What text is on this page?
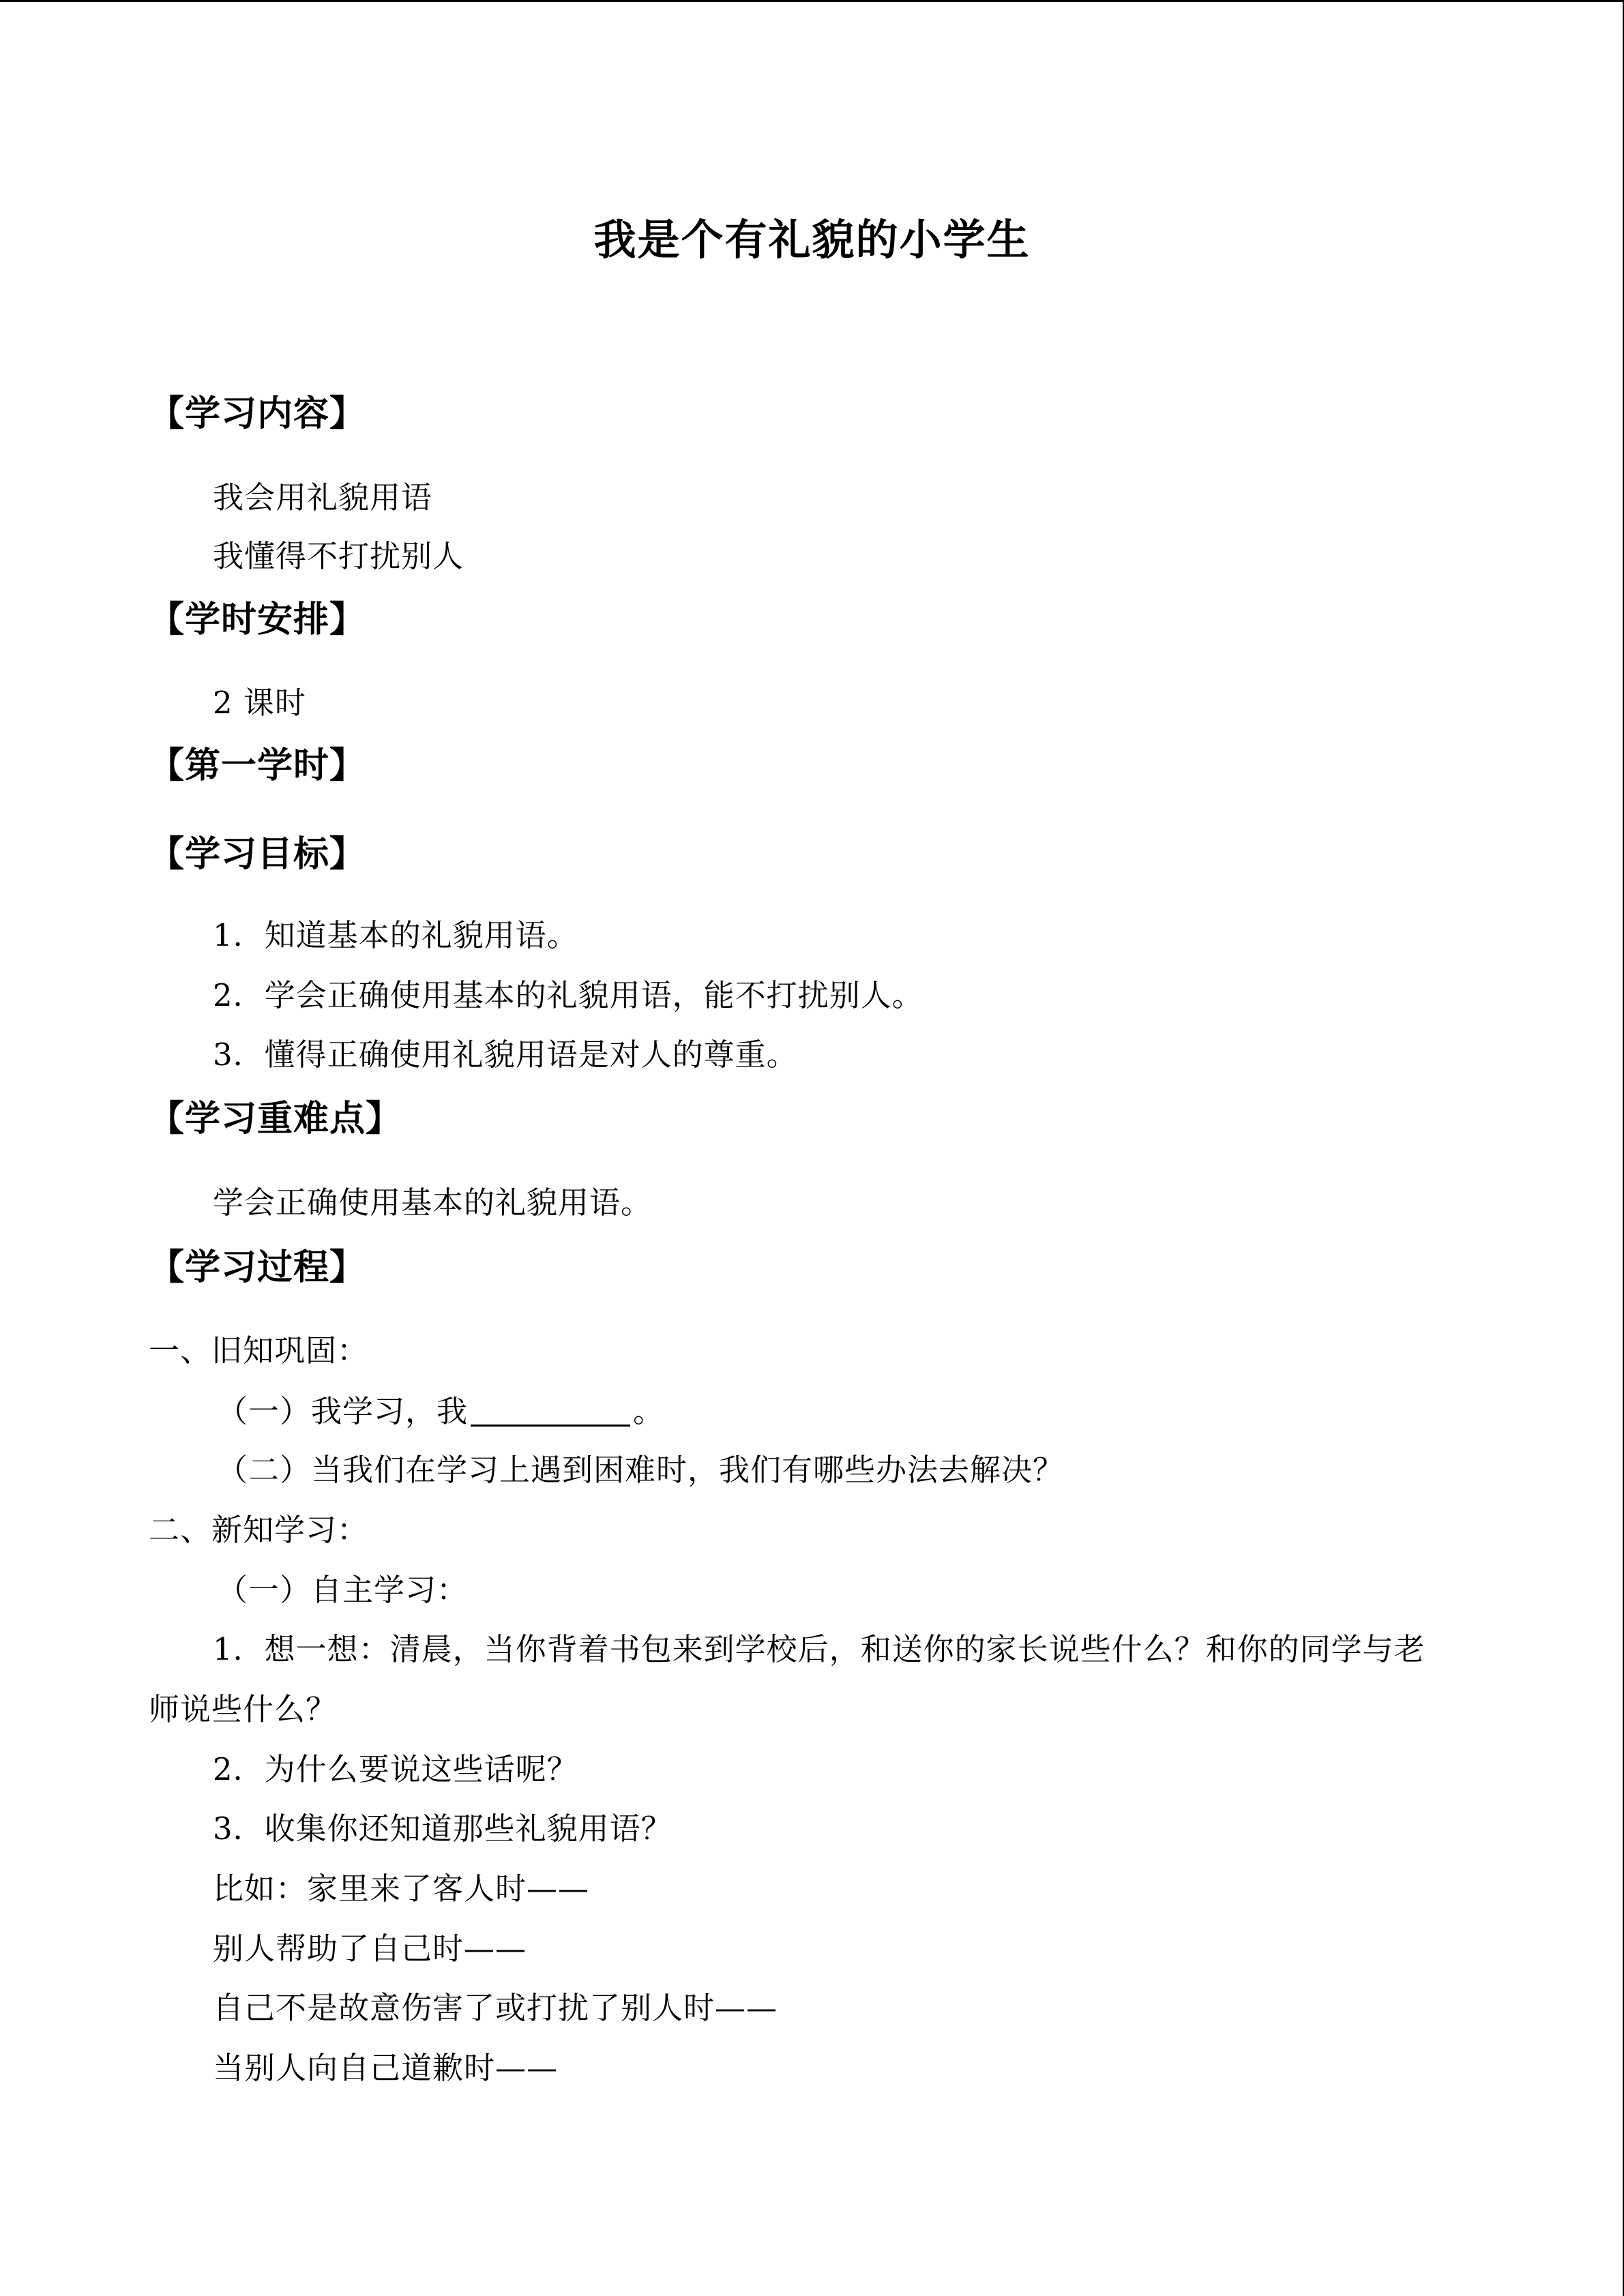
我是个有礼貌的小学生
【学习内容】
我会用礼貌用语
我懂得不打扰别人
【学时安排】
2 课时
【第一学时】
【学习目标】
1．知道基本的礼貌用语。
2．学会正确使用基本的礼貌用语，能不打扰别人。
3．懂得正确使用礼貌用语是对人的尊重。
【学习重难点】
学会正确使用基本的礼貌用语。
【学习过程】
一、旧知巩固：
（一）我学习，我	。
（二）当我们在学习上遇到困难时，我们有哪些办法去解决？
二、新知学习：
（一）自主学习：
1．想一想：清晨，当你背着书包来到学校后，和送你的家长说些什么？和你的同学与老
师说些什么？
2．为什么要说这些话呢？
3．收集你还知道那些礼貌用语？
比如：家里来了客人时——
别人帮助了自己时——
自己不是故意伤害了或打扰了别人时——
当别人向自己道歉时——
